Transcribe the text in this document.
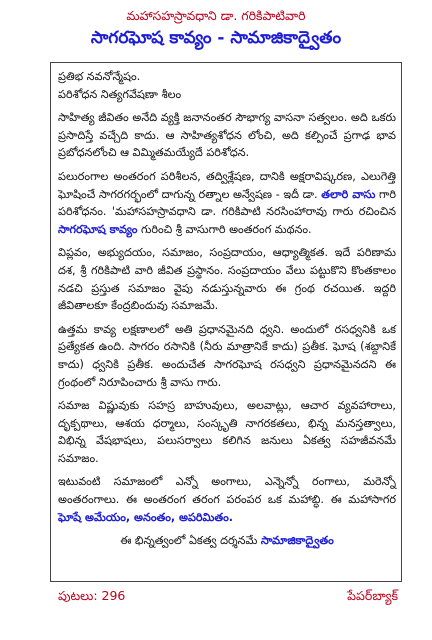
మహాసహస్రావధాని డా. గరికిపాటివారి
సాగరఘోష కావ్యం - సామాజికాద్వైతం

ప్రతిభ నవనోన్మేషం.

పరిశోధన నిత్యగవేషణా శీలం

సాహిత్య జీవితం అనేది వ్యక్తి జనానంతర సౌభాగ్య వాసనా సత్వలం. అది ఒకరు ప్రసాదిస్తే వచ్చేది కాదు. ఆ సాహిత్యశోధన లోంచి, అది కల్పించే ప్రగాఢ భావ ప్రబోధనలోంచి ఆ విమ్మితమయ్యేదే పరిశోధన.

పలురంగాల అంతరంగ పరిశీలన, తద్విశ్లేషణ, దానికి అక్షరావిష్కరణ, ఎలుగెత్తి ఘోషించే సాగరగర్భంలో దాగున్న రత్నాల అన్వేషణ - ఇదీ డా. తలారి వాసు గారి పరిశోధనం. 'మహాసహస్రావధాని డా. గరికిపాటి నరసింహారావు గారు రచించిన సాగరఘోష కావ్యం గురించి శ్రీ వాసుగారి అంతరంగ మథనం.

విప్లవం, అభ్యుదయం, సమాజం, సంప్రదాయం, ఆధ్యాత్మికత. ఇదే పరిణామ దశ, శ్రీ గరికిపాటి వారి జీవిత ప్రస్థానం. సంప్రదాయం వేలు పట్టుకొని కొంతకాలం నడచి ప్రస్తుత సమాజం వైపు నడుస్తున్నవారు ఈ గ్రంథ రచయిత. ఇద్దరి జీవితాలకూ కేంద్రబిందువు సమాజమే.

ఉత్తమ కావ్య లక్షణాలలో అతి ప్రధానమైనది ధ్వని. అందులో రసధ్వనికి ఒక ప్రత్యేకత ఉంది. సాగరం రసానికి (నీరు మాత్రానికే కాదు) ప్రతీక. ఘోష (శబ్దానికే కాదు) ధ్వనికి ప్రతీక. అందుచేత సాగరఘోష రసధ్వని ప్రధానమైనదని ఈ గ్రంథంలో నిరూపించారు శ్రీ వాసు గారు.

సమాజ విష్ణువుకు సహస్ర బాహువులు, అలవాట్లు, ఆచార వ్యవహారాలు, దృక్పథాలు, ఆశయ ధర్మాలు, సంస్కృతి నాగరకతలు, భిన్న మనస్తత్వాలు, విభిన్న వేషభాషలు, పలుసర్వాలు కలిగిన జనులు ఏకత్వ సహజీవనమే సమాజం.

ఇటువంటి సమాజంలో ఎన్నో అంగాలు, ఎన్నెన్నో రంగాలు, మరెన్నో అంతరంగాలు. ఈ అంతరంగ తరంగ పరంపర ఒక మహాబ్ధి. ఈ మహాసాగర ఘోషే అమేయం, అనంతం, అపరిమితం.

ఈ భిన్నత్వంలో ఏకత్వ దర్శనమే సామాజికాద్వైతం

పుటలు: 296	పేపర్‌బ్యాక్
